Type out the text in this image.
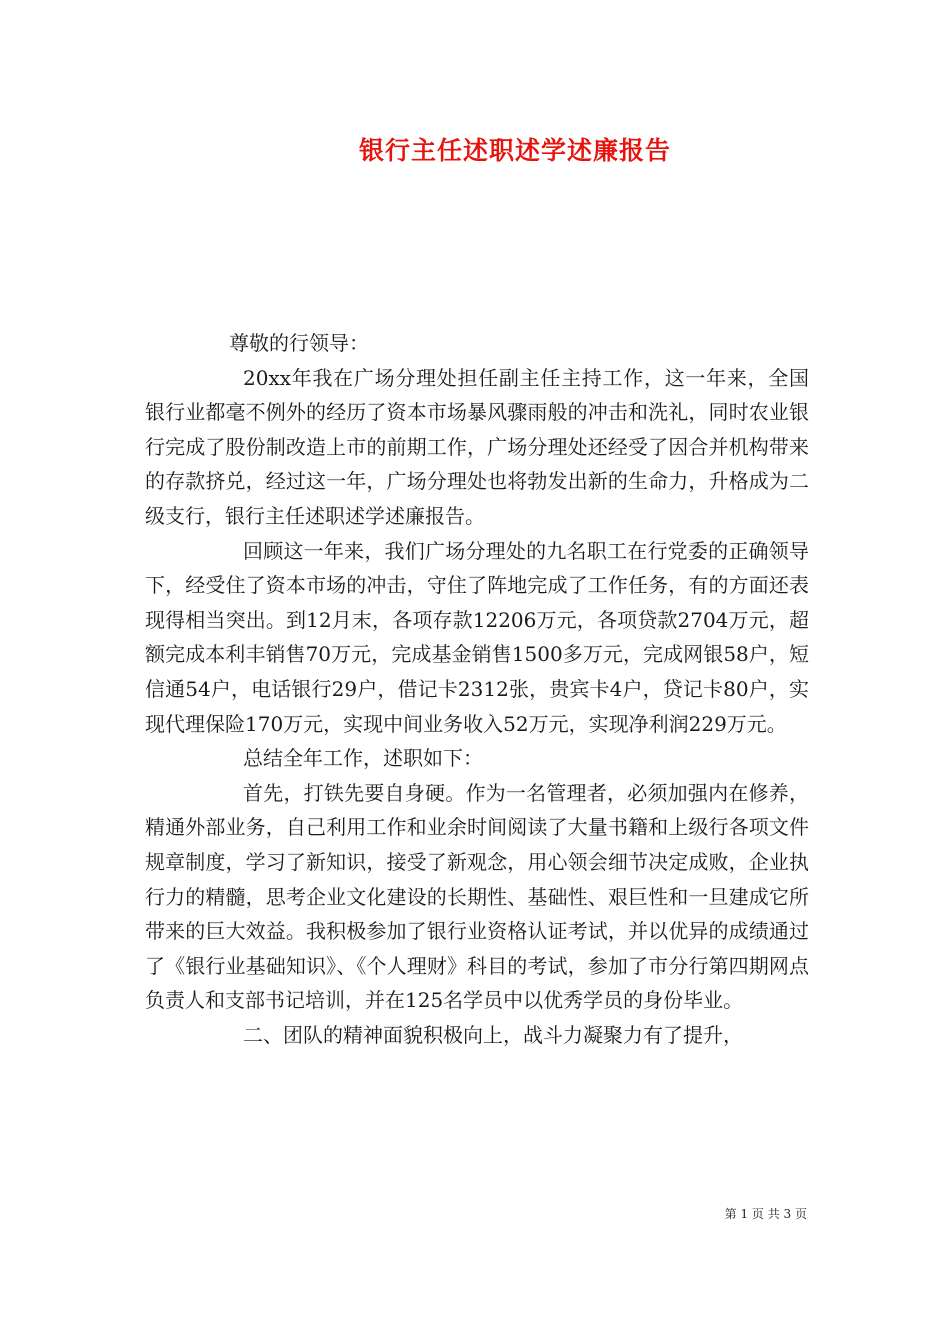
银行主任述职述学述廉报告

尊敬的行领导：

20xx年我在广场分理处担任副主任主持工作，这一年来，全国银行业都毫不例外的经历了资本市场暴风骤雨般的冲击和洗礼，同时农业银行完成了股份制改造上市的前期工作，广场分理处还经受了因合并机构带来的存款挤兑，经过这一年，广场分理处也将勃发出新的生命力，升格成为二级支行，银行主任述职述学述廉报告。

回顾这一年来，我们广场分理处的九名职工在行党委的正确领导下，经受住了资本市场的冲击，守住了阵地完成了工作任务，有的方面还表现得相当突出。到12月末，各项存款12206万元，各项贷款2704万元，超额完成本利丰销售70万元，完成基金销售1500多万元，完成网银58户，短信通54户，电话银行29户，借记卡2312张，贵宾卡4户，贷记卡80户，实现代理保险170万元，实现中间业务收入52万元，实现净利润229万元。

总结全年工作，述职如下：

首先，打铁先要自身硬。作为一名管理者，必须加强内在修养，精通外部业务，自己利用工作和业余时间阅读了大量书籍和上级行各项文件规章制度，学习了新知识，接受了新观念，用心领会细节决定成败，企业执行力的精髓，思考企业文化建设的长期性、基础性、艰巨性和一旦建成它所带来的巨大效益。我积极参加了银行业资格认证考试，并以优异的成绩通过了《银行业基础知识》、《个人理财》科目的考试，参加了市分行第四期网点负责人和支部书记培训，并在125名学员中以优秀学员的身份毕业。

二、团队的精神面貌积极向上，战斗力凝聚力有了提升，

第 1 页 共 3 页
